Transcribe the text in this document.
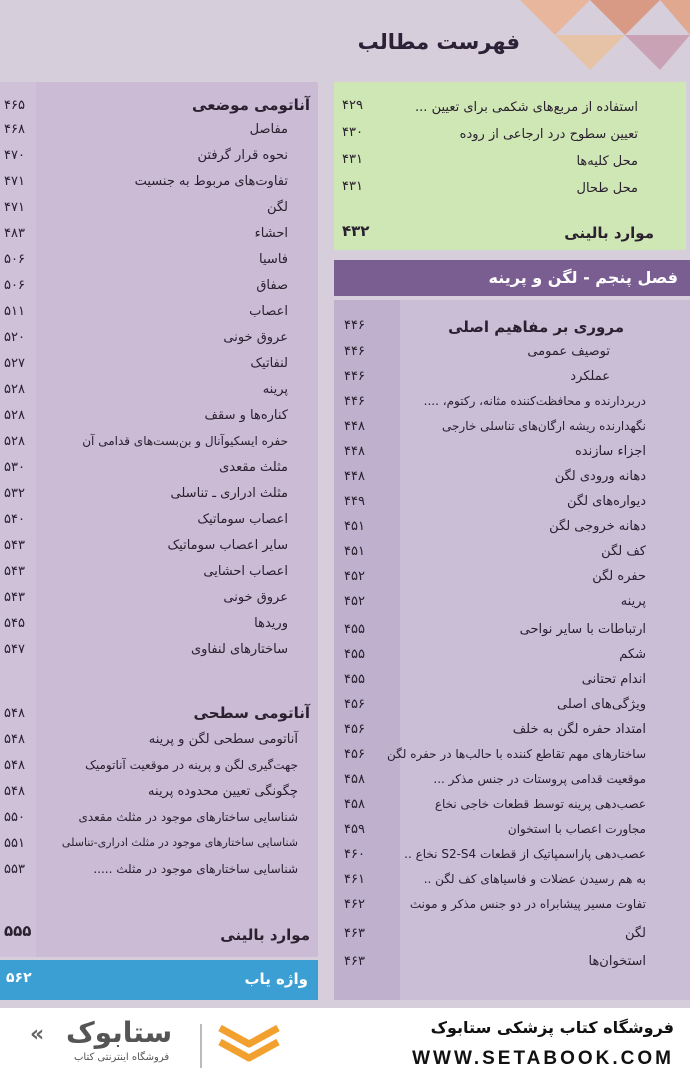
فهرست مطالب
فصل پنجم - لگن و پرینه
واژه یاب
۵۶۲
استفاده از مربع‌های شکمی برای تعیین ...
۴۲۹
تعیین سطوح درد ارجاعی از روده
۴۳۰
محل کلیه‌ها
۴۳۱
محل طحال
۴۳۱
موارد بالینی
۴۳۲
مروری بر مفاهیم اصلی
۴۴۶
توصیف عمومی
۴۴۶
عملکرد
۴۴۶
دربردارنده و محافظت‌کننده مثانه، رکتوم، ....
۴۴۶
نگهدارنده ریشه ارگان‌های تناسلی خارجی
۴۴۸
اجزاء سازنده
۴۴۸
دهانه ورودی لگن
۴۴۸
دیواره‌های لگن
۴۴۹
دهانه خروجی لگن
۴۵۱
کف لگن
۴۵۱
حفره لگن
۴۵۲
پرینه
۴۵۲
ارتباطات با سایر نواحی
۴۵۵
شکم
۴۵۵
اندام تحتانی
۴۵۵
ویژگی‌های اصلی
۴۵۶
امتداد حفره لگن به خلف
۴۵۶
ساختارهای مهم تقاطع کننده با حالب‌ها در حفره لگن
۴۵۶
موقعیت قدامی پروستات در جنس مذکر ...
۴۵۸
عصب‌دهی پرینه توسط قطعات خاجی نخاع
۴۵۸
مجاورت اعصاب با استخوان
۴۵۹
عصب‌دهی پاراسمپاتیک از قطعات S2-S4 نخاع ..
۴۶۰
به هم رسیدن عضلات و فاسیاهای کف لگن ..
۴۶۱
تفاوت مسیر پیشابراه در دو جنس مذکر و مونث
۴۶۲
لگن
۴۶۳
استخوان‌ها
۴۶۳
آناتومی موضعی
۴۶۵
مفاصل
۴۶۸
نحوه قرار گرفتن
۴۷۰
تفاوت‌های مربوط به جنسیت
۴۷۱
لگن
۴۷۱
احشاء
۴۸۳
فاسیا
۵۰۶
صفاق
۵۰۶
اعصاب
۵۱۱
عروق خونی
۵۲۰
لنفاتیک
۵۲۷
پرینه
۵۲۸
کناره‌ها و سقف
۵۲۸
حفره ایسکیوآنال و بن‌بست‌های قدامی آن
۵۲۸
مثلث مقعدی
۵۳۰
مثلث ادراری ـ تناسلی
۵۳۲
اعصاب سوماتیک
۵۴۰
سایر اعصاب سوماتیک
۵۴۳
اعصاب احشایی
۵۴۳
عروق خونی
۵۴۳
وریدها
۵۴۵
ساختارهای لنفاوی
۵۴۷
آناتومی سطحی
۵۴۸
آناتومی سطحی لگن و پرینه
۵۴۸
جهت‌گیری لگن و پرینه در موقعیت آناتومیک
۵۴۸
چگونگی تعیین محدوده پرینه
۵۴۸
شناسایی ساختارهای موجود در مثلث مقعدی
۵۵۰
شناسایی ساختارهای موجود در مثلث ادراری-تناسلی
۵۵۱
شناسایی ساختارهای موجود در مثلث .....
۵۵۳
موارد بالینی
۵۵۵
« ستابوک
فروشگاه اینترنتی کتاب
فروشگاه کتاب پزشکی ستابوک
WWW.SETABOOK.COM
